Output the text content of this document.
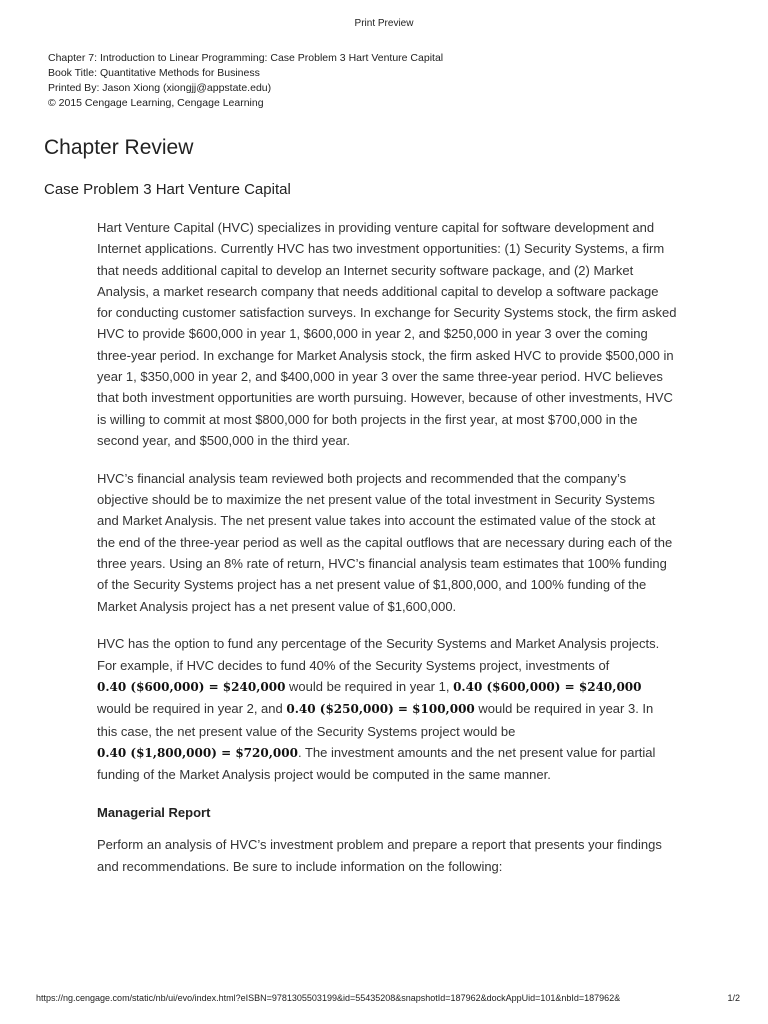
Print Preview
Chapter 7: Introduction to Linear Programming: Case Problem 3 Hart Venture Capital
Book Title: Quantitative Methods for Business
Printed By: Jason Xiong (xiongjj@appstate.edu)
© 2015 Cengage Learning, Cengage Learning
Chapter Review
Case Problem 3 Hart Venture Capital

Hart Venture Capital (HVC) specializes in providing venture capital for software development and Internet applications. Currently HVC has two investment opportunities: (1) Security Systems, a firm that needs additional capital to develop an Internet security software package, and (2) Market Analysis, a market research company that needs additional capital to develop a software package for conducting customer satisfaction surveys. In exchange for Security Systems stock, the firm asked HVC to provide $600,000 in year 1, $600,000 in year 2, and $250,000 in year 3 over the coming three-year period. In exchange for Market Analysis stock, the firm asked HVC to provide $500,000 in year 1, $350,000 in year 2, and $400,000 in year 3 over the same three-year period. HVC believes that both investment opportunities are worth pursuing. However, because of other investments, HVC is willing to commit at most $800,000 for both projects in the first year, at most $700,000 in the second year, and $500,000 in the third year.

HVC’s financial analysis team reviewed both projects and recommended that the company’s objective should be to maximize the net present value of the total investment in Security Systems and Market Analysis. The net present value takes into account the estimated value of the stock at the end of the three-year period as well as the capital outflows that are necessary during each of the three years. Using an 8% rate of return, HVC’s financial analysis team estimates that 100% funding of the Security Systems project has a net present value of $1,800,000, and 100% funding of the Market Analysis project has a net present value of $1,600,000.

HVC has the option to fund any percentage of the Security Systems and Market Analysis projects. For example, if HVC decides to fund 40% of the Security Systems project, investments of 0.40 ($600,000) = $240,000 would be required in year 1, 0.40 ($600,000) = $240,000 would be required in year 2, and 0.40 ($250,000) = $100,000 would be required in year 3. In this case, the net present value of the Security Systems project would be 0.40 ($1,800,000) = $720,000. The investment amounts and the net present value for partial funding of the Market Analysis project would be computed in the same manner.

Managerial Report

Perform an analysis of HVC’s investment problem and prepare a report that presents your findings and recommendations. Be sure to include information on the following:

https://ng.cengage.com/static/nb/ui/evo/index.html?eISBN=9781305503199&id=55435208&snapshotId=187962&dockAppUid=101&nbId=187962&	1/2
